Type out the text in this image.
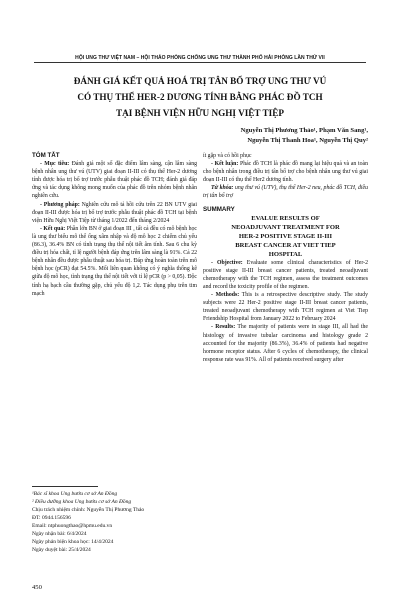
HỘI UNG THƯ VIỆT NAM – HỘI THẢO PHÒNG CHỐNG UNG THƯ THÀNH PHỐ HẢI PHÒNG LẦN THỨ VII
ĐÁNH GIÁ KẾT QUẢ HOÁ TRỊ TÂN BỔ TRỢ UNG THƯ VÚ
CÓ THỤ THỂ HER-2 DƯƠNG TÍNH BẰNG PHÁC ĐỒ TCH
TẠI BỆNH VIỆN HỮU NGHỊ VIỆT TIỆP
Nguyễn Thị Phương Thảo¹, Phạm Văn Sang¹,
Nguyễn Thị Thanh Hoa¹, Nguyễn Thị Quy²

TÓM TẮT

- Mục tiêu: Đánh giá một số đặc điểm lâm sàng, cận lâm sàng bệnh nhân ung thư vú (UTV) giai đoạn II-III có thụ thể Her-2 dương tính được hóa trị bổ trợ trước phẫu thuật phác đồ TCH; đánh giá đáp ứng và tác dụng không mong muốn của phác đồ trên nhóm bệnh nhân nghiên cứu.

- Phương pháp: Nghiên cứu mô tả hồi cứu trên 22 BN UTV giai đoạn II-III được hóa trị bổ trợ trước phẫu thuật phác đồ TCH tại bệnh viện Hữu Nghị Việt Tiệp từ tháng 1/2022 đến tháng 2/2024

- Kết quả: Phần lớn BN ở giai đoạn III , tất cả đều có mô bệnh học là ung thư biểu mô thể ống xâm nhập và độ mô học 2 chiếm chủ yếu (86.3), 36.4% BN có tình trạng thụ thể nội tiết âm tính. Sau 6 chu kỳ điều trị hóa chất, tỉ lệ người bệnh đáp ứng trên lâm sàng là 91%. Cả 22 bệnh nhân đều được phẫu thuật sau hóa trị. Đáp ứng hoàn toàn trên mô bệnh học (pCR) đạt 54.5%. Mối liên quan không có ý nghĩa thống kê giữa độ mô học, tình trạng thụ thể nội tiết với tỉ lệ pCR (p > 0,05). Độc tính hạ bạch cầu thường gặp, chủ yếu độ 1,2. Tác dụng phụ trên tim mạch

ít gặp và có hồi phục

- Kết luận: Phác đồ TCH là phác đồ mang lại hiệu quả và an toàn cho bệnh nhân trong điều trị tân bổ trợ cho bệnh nhân ung thư vú giai đoạn II-III có thụ thể Her2 dương tính.

Từ khóa: ung thư vú (UTV), thụ thể Her-2 neu, phác đồ TCH, điều trị tân bổ trợ

SUMMARY

EVALUE RESULTS OF
NEOADJUVANT TREATMENT FOR
HER-2 POSITIVE STAGE II-III
BREAST CANCER AT VIET TIEP
HOSPITAL

- Objective: Evaluate some clinical characteristics of Her-2 positive stage II-III breast cancer patients, treated neoadjuvant chemotherapy with the TCH regimen, assess the treatment outcomes and record the toxicity profile of the regimen.

- Methods: This is a retrospective descriptive study. The study subjects were 22 Her-2 positive stage II-III breast cancer patients, treated neoadjuvant chemotherapy with TCH regimen at Viet Tiep Friendship Hospital from January 2022 to February 2024

- Results: The majority of patients were in stage III, all had the histology of invasive tubular carcinoma and histology grade 2 accounted for the majority (86.3%), 36.4% of patients had negative hormone receptor status. After 6 cycles of chemotherapy, the clinical response rate was 91%. All of patients received surgery after

¹Bác sĩ khoa Ung bướu cơ sở An Đồng

² Điều dưỡng khoa Ung bướu cơ sở An Đồng

Chịu trách nhiệm chính: Nguyễn Thị Phương Thảo

ĐT: 0944.156596

Email: ntphuongthao@hpmu.edu.vn

Ngày nhận bài: 6/4/2024

Ngày phản biện khoa học: 14/4/2024

Ngày duyệt bài: 25/4/2024

450
